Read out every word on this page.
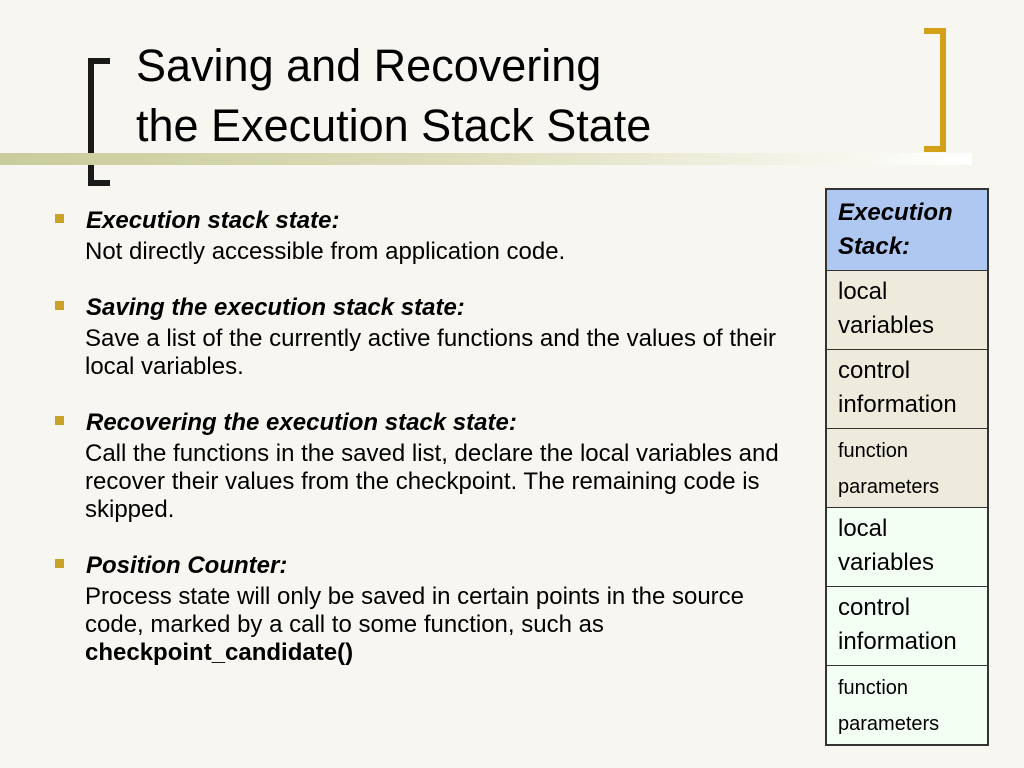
Saving and Recovering
the Execution Stack State
Execution stack state:
Not directly accessible from application code.
Saving the execution stack state:
Save a list of the currently active functions and the values of their local variables.
Recovering the execution stack state:
Call the functions in the saved list, declare the local variables and recover their values from the checkpoint. The remaining code is skipped.
Position Counter:
Process state will only be saved in certain points in the source code, marked by a call to some function, such as
checkpoint_candidate()
Execution Stack:
local variables
control information
function parameters
local variables
control information
function parameters
